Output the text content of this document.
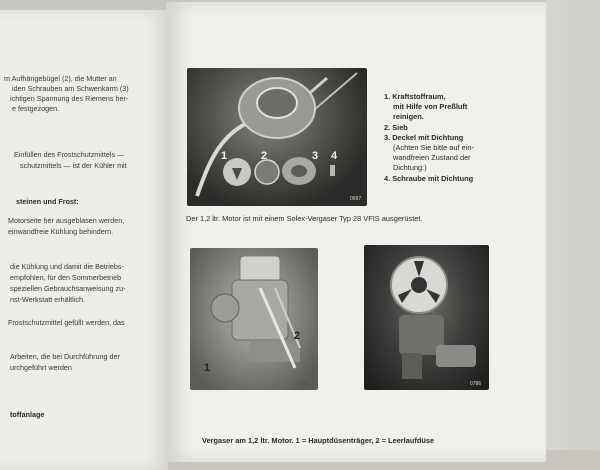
m Aufhängebügel (2), die Mutter an
iden Schrauben am Schwenkarm (3)
ichtigen Spannung des Riemens her-
e festgezogen.
Einfüllen des Frostschutzmittels —
schutzmittels — ist der Kühler mit
steinen und Frost:
Motorseite her ausgeblasen werden,
einwandfreie Kühlung behindern.
die Kühlung und damit die Betriebs-
empfohlen, für den Sommerbetrieb
speziellen Gebrauchsanweisung zu-
nst-Werkstatt erhältlich.
Frostschutzmittel gefüllt werden, das
Arbeiten, die bei Durchführung der
urchgeführt werden
toffanlage
1	2	3 4
0697
1. Kraftstoffraum,
mit Hilfe von Preßluft
reinigen.
2. Sieb
3. Deckel mit Dichtung
(Achten Sie bitte auf ein-
wandfreien Zustand der
Dichtung.)
4. Schraube mit Dichtung
Der 1,2 ltr. Motor ist mit einem Solex-Vergaser Typ 28 VFIS ausgerüstet.
2
1
0538	0786
Vergaser am 1,2 ltr. Motor. 1 = Hauptdüsenträger, 2 = Leerlaufdüse
